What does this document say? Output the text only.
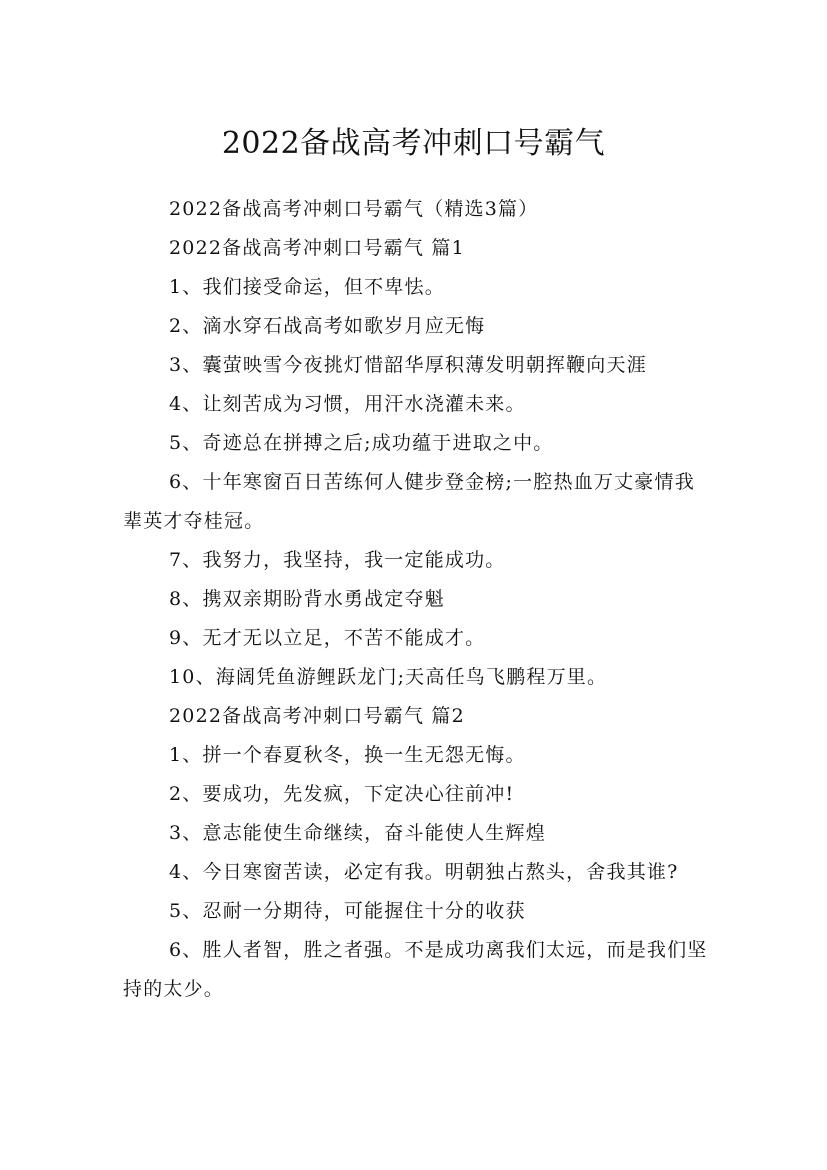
2022备战高考冲刺口号霸气

2022备战高考冲刺口号霸气（精选3篇）

2022备战高考冲刺口号霸气 篇1

1、我们接受命运，但不卑怯。

2、滴水穿石战高考如歌岁月应无悔

3、囊萤映雪今夜挑灯惜韶华厚积薄发明朝挥鞭向天涯

4、让刻苦成为习惯，用汗水浇灌未来。

5、奇迹总在拼搏之后;成功蕴于进取之中。

6、十年寒窗百日苦练何人健步登金榜;一腔热血万丈豪情我辈英才夺桂冠。

7、我努力，我坚持，我一定能成功。

8、携双亲期盼背水勇战定夺魁

9、无才无以立足，不苦不能成才。

10、海阔凭鱼游鲤跃龙门;天高任鸟飞鹏程万里。

2022备战高考冲刺口号霸气 篇2

1、拼一个春夏秋冬，换一生无怨无悔。

2、要成功，先发疯，下定决心往前冲!

3、意志能使生命继续，奋斗能使人生辉煌

4、今日寒窗苦读，必定有我。明朝独占熬头，舍我其谁?

5、忍耐一分期待，可能握住十分的收获

6、胜人者智，胜之者强。不是成功离我们太远，而是我们坚持的太少。
